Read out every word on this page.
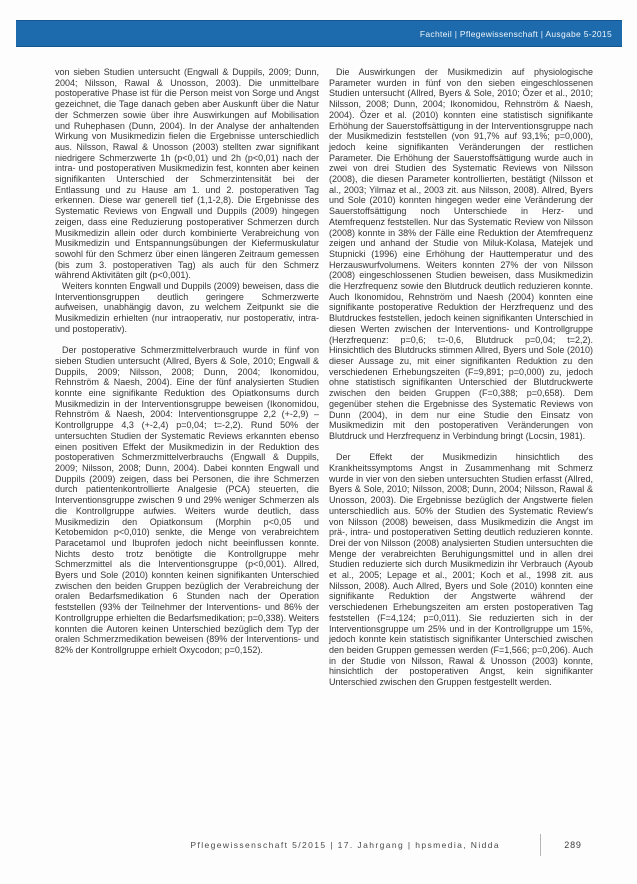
Fachteil | Pflegewissenschaft | Ausgabe 5-2015

von sieben Studien untersucht (Engwall & Duppils, 2009; Dunn, 2004; Nilsson, Rawal & Unosson, 2003). Die unmittelbare postoperative Phase ist für die Person meist von Sorge und Angst gezeichnet, die Tage danach geben aber Auskunft über die Natur der Schmerzen sowie über ihre Auswirkungen auf Mobilisation und Ruhephasen (Dunn, 2004). In der Analyse der anhaltenden Wirkung von Musikmedizin fielen die Ergebnisse unterschiedlich aus. Nilsson, Rawal & Unosson (2003) stellten zwar signifikant niedrigere Schmerzwerte 1h (p<0,01) und 2h (p<0,01) nach der intra- und postoperativen Musikmedizin fest, konnten aber keinen signifikanten Unterschied der Schmerzintensität bei der Entlassung und zu Hause am 1. und 2. postoperativen Tag erkennen. Diese war generell tief (1,1-2,8). Die Ergebnisse des Systematic Reviews von Engwall und Duppils (2009) hingegen zeigen, dass eine Reduzierung postoperativer Schmerzen durch Musikmedizin allein oder durch kombinierte Verabreichung von Musikmedizin und Entspannungsübungen der Kiefermuskulatur sowohl für den Schmerz über einen längeren Zeitraum gemessen (bis zum 3. postoperativen Tag) als auch für den Schmerz während Aktivitäten gilt (p<0,001).

Weiters konnten Engwall und Duppils (2009) beweisen, dass die Interventionsgruppen deutlich geringere Schmerzwerte aufweisen, unabhängig davon, zu welchem Zeitpunkt sie die Musikmedizin erhielten (nur intraoperativ, nur postoperativ, intra- und postoperativ).

Der postoperative Schmerzmittelverbrauch wurde in fünf von sieben Studien untersucht (Allred, Byers & Sole, 2010; Engwall & Duppils, 2009; Nilsson, 2008; Dunn, 2004; Ikonomidou, Rehnström & Naesh, 2004). Eine der fünf analysierten Studien konnte eine signifikante Reduktion des Opiatkonsums durch Musikmedizin in der Interventionsgruppe beweisen (Ikonomidou, Rehnström & Naesh, 2004: Interventionsgruppe 2,2 (+-2,9) – Kontrollgruppe 4,3 (+-2,4) p=0,04; t=-2,2). Rund 50% der untersuchten Studien der Systematic Reviews erkannten ebenso einen positiven Effekt der Musikmedizin in der Reduktion des postoperativen Schmerzmittelverbrauchs (Engwall & Duppils, 2009; Nilsson, 2008; Dunn, 2004). Dabei konnten Engwall und Duppils (2009) zeigen, dass bei Personen, die ihre Schmerzen durch patientenkontrollierte Analgesie (PCA) steuerten, die Interventionsgruppe zwischen 9 und 29% weniger Schmerzen als die Kontrollgruppe aufwies. Weiters wurde deutlich, dass Musikmedizin den Opiatkonsum (Morphin p<0,05 und Ketobemidon p<0,010) senkte, die Menge von verabreichtem Paracetamol und Ibuprofen jedoch nicht beeinflussen konnte. Nichts desto trotz benötigte die Kontrollgruppe mehr Schmerzmittel als die Interventionsgruppe (p<0,001). Allred, Byers und Sole (2010) konnten keinen signifikanten Unterschied zwischen den beiden Gruppen bezüglich der Verabreichung der oralen Bedarfsmedikation 6 Stunden nach der Operation feststellen (93% der Teilnehmer der Interventions- und 86% der Kontrollgruppe erhielten die Bedarfsmedikation; p=0,338). Weiters konnten die Autoren keinen Unterschied bezüglich dem Typ der oralen Schmerzmedikation beweisen (89% der Interventions- und 82% der Kontrollgruppe erhielt Oxycodon; p=0,152).

Die Auswirkungen der Musikmedizin auf physiologische Parameter wurden in fünf von den sieben eingeschlossenen Studien untersucht (Allred, Byers & Sole, 2010; Özer et al., 2010; Nilsson, 2008; Dunn, 2004; Ikonomidou, Rehnström & Naesh, 2004). Özer et al. (2010) konnten eine statistisch signifikante Erhöhung der Sauerstoffsättigung in der Interventionsgruppe nach der Musikmedizin feststellen (von 91,7% auf 93,1%; p=0,000), jedoch keine signifikanten Veränderungen der restlichen Parameter. Die Erhöhung der Sauerstoffsättigung wurde auch in zwei von drei Studien des Systematic Reviews von Nilsson (2008), die diesen Parameter kontrollierten, bestätigt (Nilsson et al., 2003; Yilmaz et al., 2003 zit. aus Nilsson, 2008). Allred, Byers und Sole (2010) konnten hingegen weder eine Veränderung der Sauerstoffsättigung noch Unterschiede in Herz- und Atemfrequenz feststellen. Nur das Systematic Review von Nilsson (2008) konnte in 38% der Fälle eine Reduktion der Atemfrequenz zeigen und anhand der Studie von Miluk-Kolasa, Matejek und Stupnicki (1996) eine Erhöhung der Hauttemperatur und des Herzauswurfvolumens. Weiters konnten 27% der von Nilsson (2008) eingeschlossenen Studien beweisen, dass Musikmedizin die Herzfrequenz sowie den Blutdruck deutlich reduzieren konnte. Auch Ikonomidou, Rehnström und Naesh (2004) konnten eine signifikante postoperative Reduktion der Herzfrequenz und des Blutdruckes feststellen, jedoch keinen signifikanten Unterschied in diesen Werten zwischen der Interventions- und Kontrollgruppe (Herzfrequenz: p=0,6; t=-0,6, Blutdruck p=0,04; t=2,2). Hinsichtlich des Blutdrucks stimmen Allred, Byers und Sole (2010) dieser Aussage zu, mit einer signifikanten Reduktion zu den verschiedenen Erhebungszeiten (F=9,891; p=0,000) zu, jedoch ohne statistisch signifikanten Unterschied der Blutdruckwerte zwischen den beiden Gruppen (F=0,388; p=0,658). Dem gegenüber stehen die Ergebnisse des Systematic Reviews von Dunn (2004), in dem nur eine Studie den Einsatz von Musikmedizin mit den postoperativen Veränderungen von Blutdruck und Herzfrequenz in Verbindung bringt (Locsin, 1981).

Der Effekt der Musikmedizin hinsichtlich des Krankheitssymptoms Angst in Zusammenhang mit Schmerz wurde in vier von den sieben untersuchten Studien erfasst (Allred, Byers & Sole, 2010; Nilsson, 2008; Dunn, 2004; Nilsson, Rawal & Unosson, 2003). Die Ergebnisse bezüglich der Angstwerte fielen unterschiedlich aus. 50% der Studien des Systematic Review's von Nilsson (2008) beweisen, dass Musikmedizin die Angst im prä-, intra- und postoperativen Setting deutlich reduzieren konnte. Drei der von Nilsson (2008) analysierten Studien untersuchten die Menge der verabreichten Beruhigungsmittel und in allen drei Studien reduzierte sich durch Musikmedizin ihr Verbrauch (Ayoub et al., 2005; Lepage et al., 2001; Koch et al., 1998 zit. aus Nilsson, 2008). Auch Allred, Byers und Sole (2010) konnten eine signifikante Reduktion der Angstwerte während der verschiedenen Erhebungszeiten am ersten postoperativen Tag feststellen (F=4,124; p=0,011). Sie reduzierten sich in der Interventionsgruppe um 25% und in der Kontrollgruppe um 15%, jedoch konnte kein statistisch signifikanter Unterschied zwischen den beiden Gruppen gemessen werden (F=1,566; p=0,206). Auch in der Studie von Nilsson, Rawal & Unosson (2003) konnte, hinsichtlich der postoperativen Angst, kein signifikanter Unterschied zwischen den Gruppen festgestellt werden.

Pflegewissenschaft 5/2015 | 17. Jahrgang | hpsmedia, Nidda	289
